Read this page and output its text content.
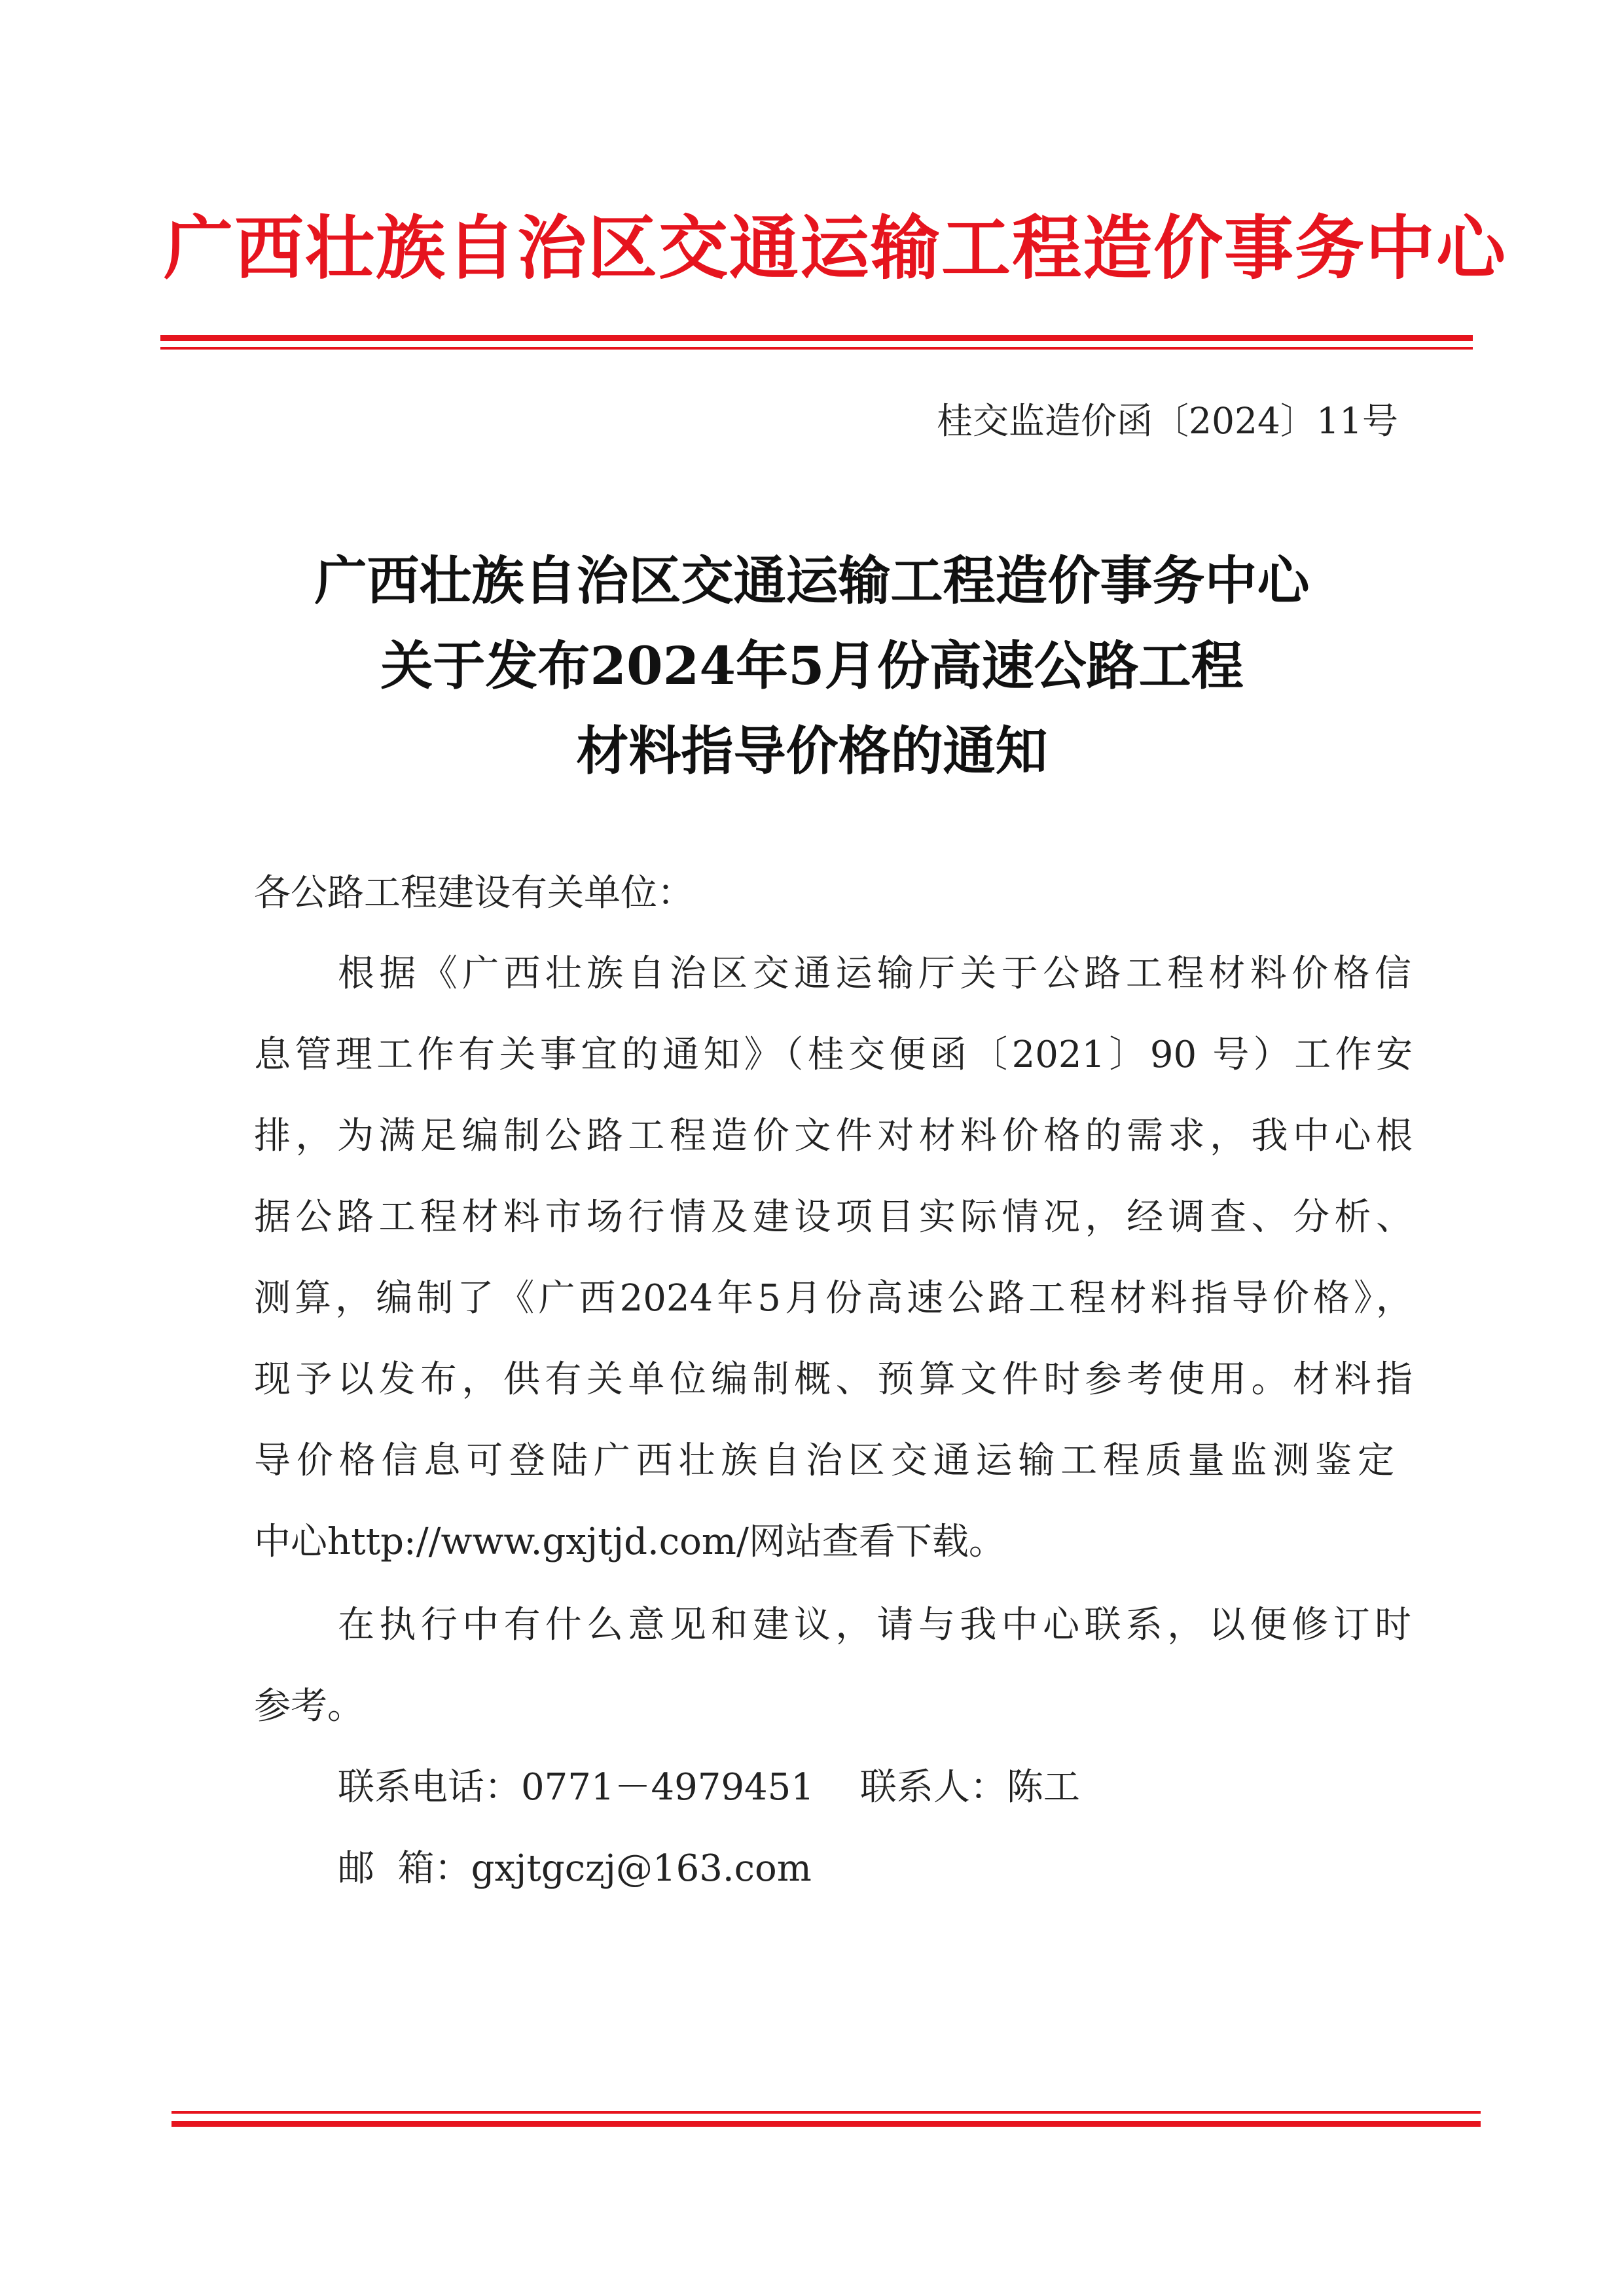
广西壮族自治区交通运输工程造价事务中心
桂交监造价函〔2024〕11号
广西壮族自治区交通运输工程造价事务中心
关于发布2024年5月份高速公路工程
材料指导价格的通知
各公路工程建设有关单位：
根据《广西壮族自治区交通运输厅关于公路工程材料价格信
息管理工作有关事宜的通知》（桂交便函〔2021〕90 号）工作安
排，为满足编制公路工程造价文件对材料价格的需求，我中心根
据公路工程材料市场行情及建设项目实际情况，经调查、分析、
测算，编制了《广西2024年5月份高速公路工程材料指导价格》，
现予以发布，供有关单位编制概、预算文件时参考使用。材料指
导价格信息可登陆广西壮族自治区交通运输工程质量监测鉴定
中心http://www.gxjtjd.com/网站查看下载。
在执行中有什么意见和建议，请与我中心联系，以便修订时
参考。
联系电话：0771－4979451 联系人：陈工
邮  箱：gxjtgczj@163.com
